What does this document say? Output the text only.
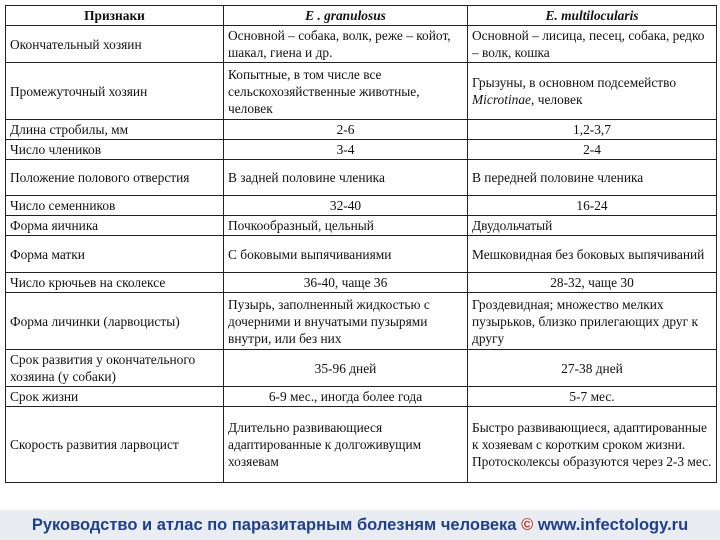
Признаки	E . granulosus	E. multilocularis
Окончательный хозяин	Основной – собака, волк, реже – койот, шакал, гиена и др.	Основной – лисица, песец, собака, редко – волк, кошка
Промежуточный хозяин	Копытные, в том числе все сельскохозяйственные животные, человек	Грызуны, в основном подсемейство Microtinae, человек
Длина стробилы, мм	2-6	1,2-3,7
Число члеников	3-4	2-4
Положение полового отверстия	В задней половине членика	В передней половине членика
Число семенников	32-40	16-24
Форма яичника	Почкообразный, цельный	Двудольчатый
Форма матки	С боковыми выпячиваниями	Мешковидная без боковых выпячиваний
Число крючьев на сколексе	36-40, чаще 36	28-32, чаще 30
Форма личинки (ларвоцисты)	Пузырь, заполненный жидкостью с дочерними и внучатыми пузырями внутри, или без них	Гроздевидная; множество мелких пузырьков, близко прилегающих друг к другу
Срок развития у окончательного хозяина (у собаки)	35-96 дней	27-38 дней
Срок жизни	6-9 мес., иногда более года	5-7 мес.
Скорость развития ларвоцист	Длительно развивающиеся адаптированные к долгоживущим хозяевам	Быстро развивающиеся, адаптированные к хозяевам с коротким сроком жизни. Протосколексы образуются через 2-3 мес.
Руководство и атлас по паразитарным болезням человека © www.infectology.ru
